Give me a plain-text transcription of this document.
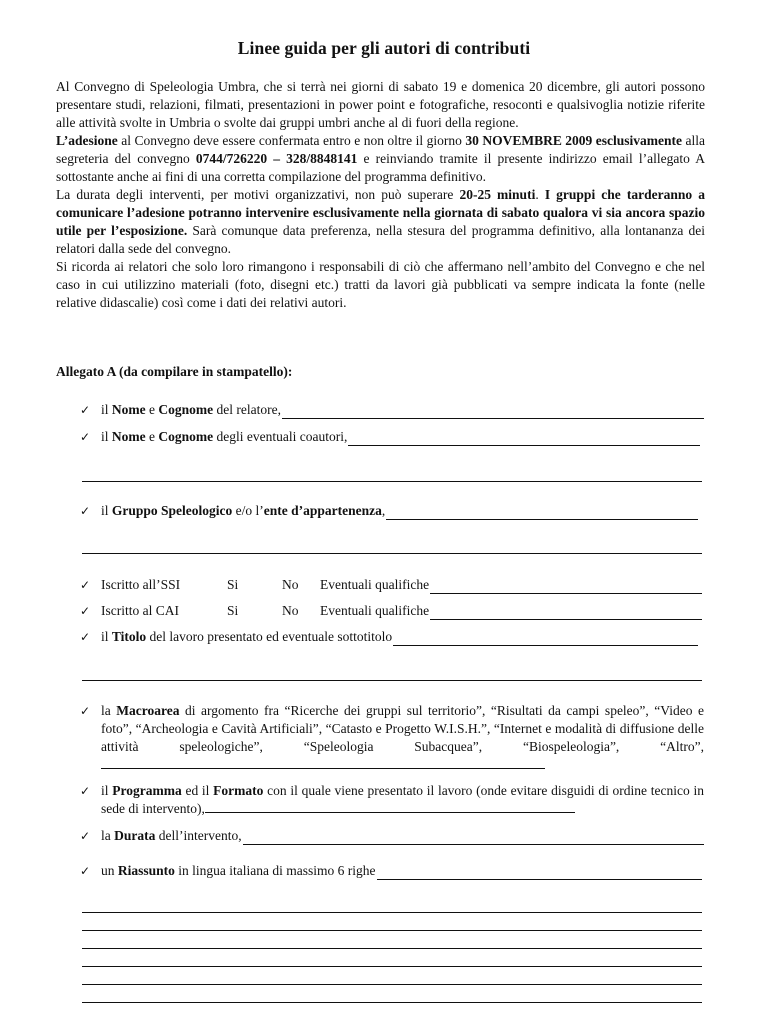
Linee guida per gli autori di contributi

Al Convegno di Speleologia Umbra, che si terrà nei giorni di sabato 19 e domenica 20 dicembre, gli autori possono presentare studi, relazioni, filmati, presentazioni in power point e fotografiche, resoconti e qualsivoglia notizie riferite alle attività svolte in Umbria o svolte dai gruppi umbri anche al di fuori della regione.

L’adesione al Convegno deve essere confermata entro e non oltre il giorno 30 NOVEMBRE 2009 esclusivamente alla segreteria del convegno 0744/726220 – 328/8848141 e reinviando tramite il presente indirizzo email l’allegato A sottostante anche ai fini di una corretta compilazione del programma definitivo.

La durata degli interventi, per motivi organizzativi, non può superare 20-25 minuti. I gruppi che tarderanno a comunicare l’adesione potranno intervenire esclusivamente nella giornata di sabato qualora vi sia ancora spazio utile per l’esposizione. Sarà comunque data preferenza, nella stesura del programma definitivo, alla lontananza dei relatori dalla sede del convegno.

Si ricorda ai relatori che solo loro rimangono i responsabili di ciò che affermano nell’ambito del Convegno e che nel caso in cui utilizzino materiali (foto, disegni etc.) tratti da lavori già pubblicati va sempre indicata la fonte (nelle relative didascalie) così come i dati dei relativi autori.

Allegato A (da compilare in stampatello):

✓ il Nome e Cognome del relatore,
✓ il Nome e Cognome degli eventuali coautori,
✓ il Gruppo Speleologico e/o l’ente d’appartenenza,
✓ Iscritto all’SSI	Si	No	Eventuali qualifiche
✓ Iscritto al CAI	Si	No	Eventuali qualifiche
✓ il Titolo del lavoro presentato ed eventuale sottotitolo
✓ la Macroarea di argomento fra “Ricerche dei gruppi sul territorio”, “Risultati da campi speleo”, “Video e foto”, “Archeologia e Cavità Artificiali”, “Catasto e Progetto W.I.S.H.”, “Internet e modalità di diffusione delle attività speleologiche”, “Speleologia Subacquea”, “Biospeleologia”, “Altro”,
✓ il Programma ed il Formato con il quale viene presentato il lavoro (onde evitare disguidi di ordine tecnico in sede di intervento),
✓ la Durata dell’intervento,
✓ un Riassunto in lingua italiana di massimo 6 righe
